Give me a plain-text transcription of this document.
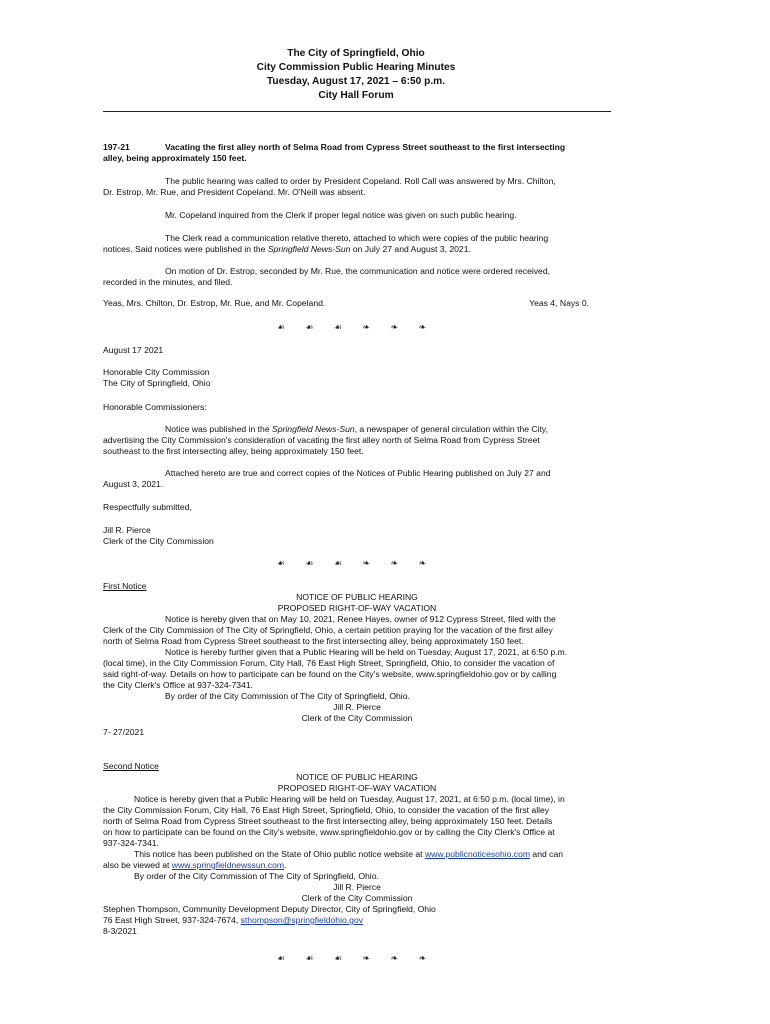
The City of Springfield, Ohio
City Commission Public Hearing Minutes
Tuesday, August 17, 2021 – 6:50 p.m.
City Hall Forum
197-21	Vacating the first alley north of Selma Road from Cypress Street southeast to the first intersecting
alley, being approximately 150 feet.
The public hearing was called to order by President Copeland. Roll Call was answered by Mrs. Chilton,
Dr. Estrop, Mr. Rue, and President Copeland. Mr. O'Neill was absent.
Mr. Copeland inquired from the Clerk if proper legal notice was given on such public hearing.
The Clerk read a communication relative thereto, attached to which were copies of the public hearing
notices. Said notices were published in the Springfield News-Sun on July 27 and August 3, 2021.
On motion of Dr. Estrop, seconded by Mr. Rue, the communication and notice were ordered received,
recorded in the minutes, and filed.
Yeas, Mrs. Chilton, Dr. Estrop, Mr. Rue, and Mr. Copeland.	Yeas 4, Nays 0.
☙ ☙ ☙ ❧ ❧ ❧
August 17 2021
Honorable City Commission
The City of Springfield, Ohio
Honorable Commissioners:
Notice was published in the Springfield News-Sun, a newspaper of general circulation within the City,
advertising the City Commission's consideration of vacating the first alley north of Selma Road from Cypress Street
southeast to the first intersecting alley, being approximately 150 feet.
Attached hereto are true and correct copies of the Notices of Public Hearing published on July 27 and
August 3, 2021.
Respectfully submitted,
Jill R. Pierce
Clerk of the City Commission
☙ ☙ ☙ ❧ ❧ ❧
First Notice
NOTICE OF PUBLIC HEARING
PROPOSED RIGHT-OF-WAY VACATION
Notice is hereby given that on May 10, 2021, Renee Hayes, owner of 912 Cypress Street, filed with the
Clerk of the City Commission of The City of Springfield, Ohio, a certain petition praying for the vacation of the first alley
north of Selma Road from Cypress Street southeast to the first intersecting alley, being approximately 150 feet.
Notice is hereby further given that a Public Hearing will be held on Tuesday, August 17, 2021, at 6:50 p.m.
(local time), in the City Commission Forum, City Hall, 76 East High Street, Springfield, Ohio, to consider the vacation of
said right-of-way. Details on how to participate can be found on the City's website, www.springfieldohio.gov or by calling
the City Clerk's Office at 937-324-7341.
By order of the City Commission of The City of Springfield, Ohio.
Jill R. Pierce
Clerk of the City Commission
7- 27/2021
Second Notice
NOTICE OF PUBLIC HEARING
PROPOSED RIGHT-OF-WAY VACATION
Notice is hereby given that a Public Hearing will be held on Tuesday, August 17, 2021, at 6:50 p.m. (local time), in
the City Commission Forum, City Hall, 76 East High Street, Springfield, Ohio, to consider the vacation of the first alley
north of Selma Road from Cypress Street southeast to the first intersecting alley, being approximately 150 feet. Details
on how to participate can be found on the City's website, www.springfieldohio.gov or by calling the City Clerk's Office at
937-324-7341.
This notice has been published on the State of Ohio public notice website at www.publicnoticesohio.com and can
also be viewed at www.springfieldnewssun.com.
By order of the City Commission of The City of Springfield, Ohio.
Jill R. Pierce
Clerk of the City Commission
Stephen Thompson, Community Development Deputy Director, City of Springfield, Ohio
76 East High Street, 937-324-7674, sthompson@springfieldohio.gov
8-3/2021
☙ ☙ ☙ ❧ ❧ ❧
